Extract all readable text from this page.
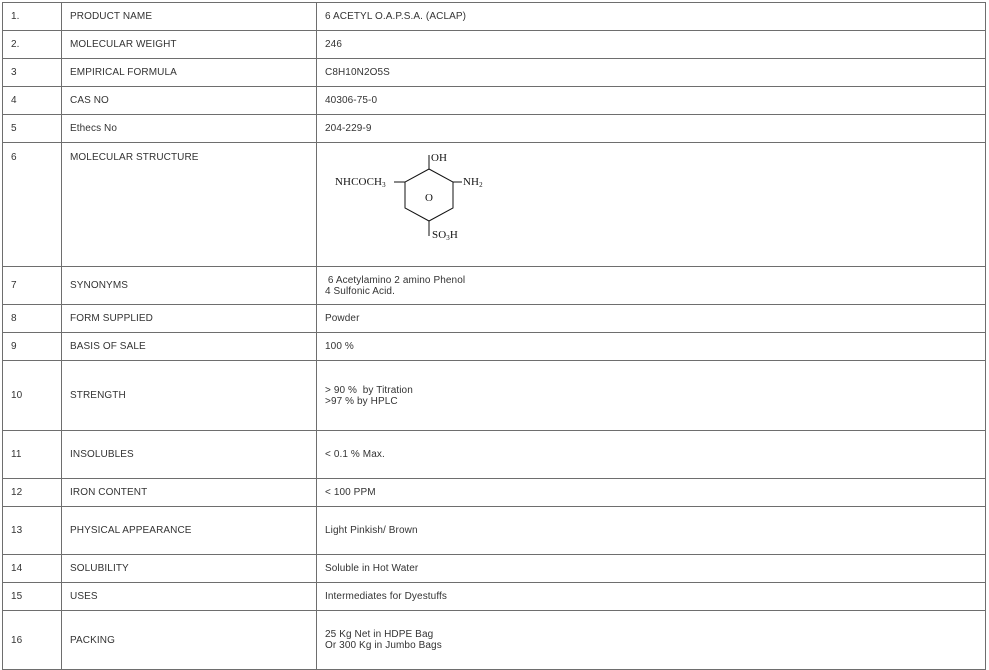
1.	PRODUCT NAME	6 ACETYL O.A.P.S.A. (ACLAP)
2.	MOLECULAR WEIGHT	246
3	EMPIRICAL FORMULA	C8H10N2O5S
4	CAS NO	40306-75-0
5	Ethecs No	204-229-9
6	MOLECULAR STRUCTURE	OH
NHCOCH3
O
NH2
SO3H

7	SYNONYMS	6 Acetylamino 2 amino Phenol
4 Sulfonic Acid.

8	FORM SUPPLIED	Powder
9	BASIS OF SALE	100 %
10	STRENGTH	> 90 %  by Titration
>97 % by HPLC

11	INSOLUBLES	< 0.1 % Max.
12	IRON CONTENT	< 100 PPM
13	PHYSICAL APPEARANCE	Light Pinkish/ Brown
14	SOLUBILITY	Soluble in Hot Water
15	USES	Intermediates for Dyestuffs
16	PACKING	25 Kg Net in HDPE Bag
Or 300 Kg in Jumbo Bags
